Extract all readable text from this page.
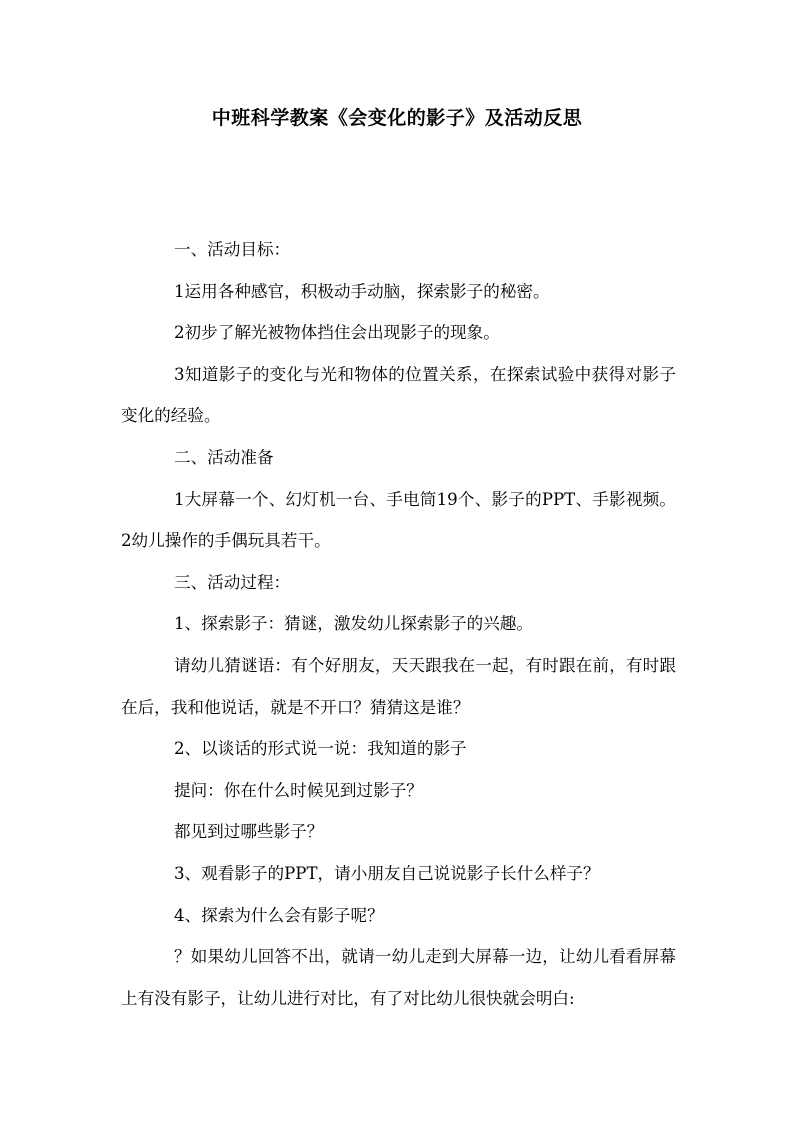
中班科学教案《会变化的影子》及活动反思

一、活动目标：

1运用各种感官，积极动手动脑，探索影子的秘密。

2初步了解光被物体挡住会出现影子的现象。

3知道影子的变化与光和物体的位置关系，在探索试验中获得对影子变化的经验。

二、活动准备

1大屏幕一个、幻灯机一台、手电筒19个、影子的PPT、手影视频。2幼儿操作的手偶玩具若干。

三、活动过程：

1、探索影子：猜谜，激发幼儿探索影子的兴趣。

请幼儿猜谜语：有个好朋友，天天跟我在一起，有时跟在前，有时跟在后，我和他说话，就是不开口？猜猜这是谁？

2、以谈话的形式说一说：我知道的影子

提问：你在什么时候见到过影子？

都见到过哪些影子？

3、观看影子的PPT，请小朋友自己说说影子长什么样子？

4、探索为什么会有影子呢？

？如果幼儿回答不出，就请一幼儿走到大屏幕一边，让幼儿看看屏幕上有没有影子，让幼儿进行对比，有了对比幼儿很快就会明白:
